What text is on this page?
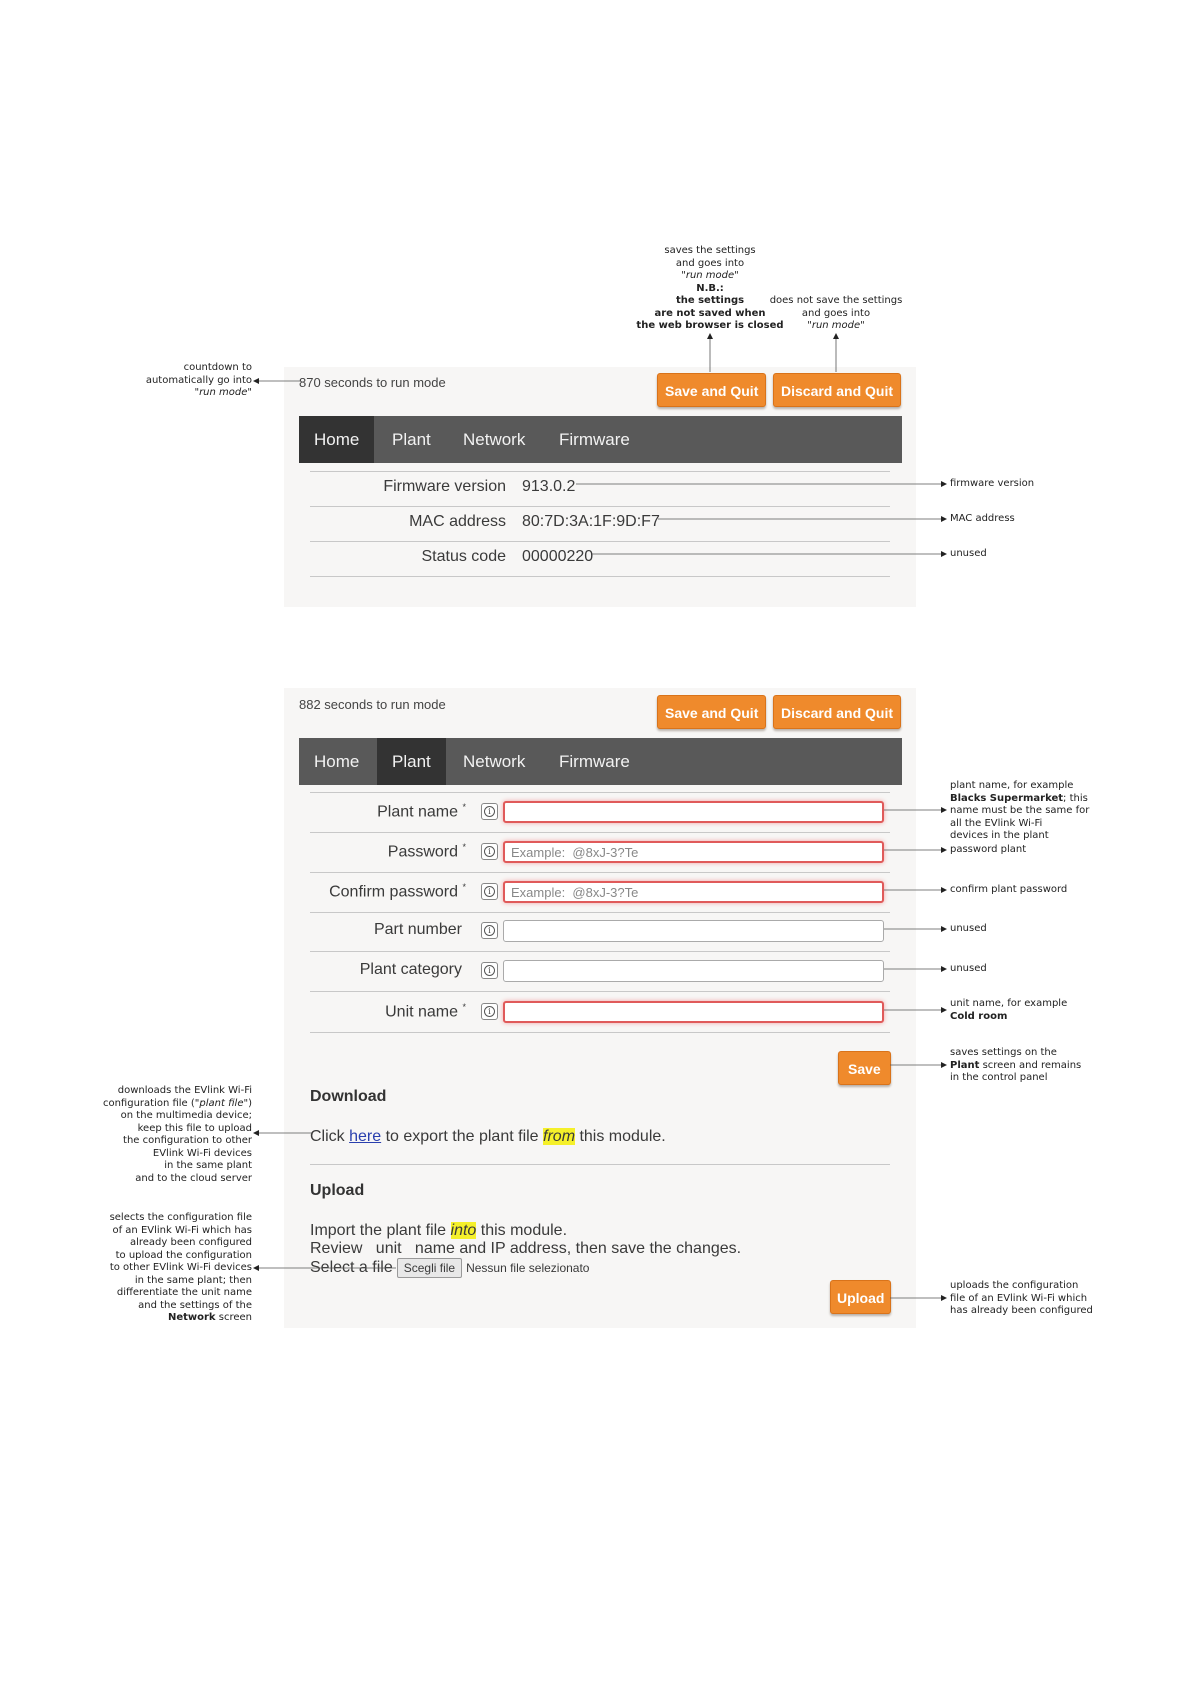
870 seconds to run mode
Save and Quit	Discard and Quit
Home	Plant	Network	Firmware
Firmware version 913.0.2
MAC address 80:7D:3A:1F:9D:F7
Status code 00000220
882 seconds to run mode
Save and Quit	Discard and Quit
Home	Plant	Network	Firmware
Plant name *	i
Password *	i
Example: @8xJ-3?Te
Confirm password *	i
Example: @8xJ-3?Te
Part number	i
Plant category	i
Unit name *	i
Save
Download
Click here to export the plant file from this module.
Upload
Import the plant file into this module.
Review   unit   name and IP address, then save the changes.
Select a file Scegli file Nessun file selezionato
Upload
saves the settings
and goes into
"run mode"
N.B.:
the settings
are not saved when
the web browser is closed
does not save the settings
and goes into
"run mode"
countdown to
automatically go into
"run mode"
firmware version
MAC address
unused
plant name, for example
Blacks Supermarket; this
name must be the same for
all the EVlink Wi-Fi
devices in the plant
password plant
confirm plant password
unused
unused
unit name, for example
Cold room
saves settings on the
Plant screen and remains
in the control panel
downloads the EVlink Wi-Fi
configuration file ("plant file")
on the multimedia device;
keep this file to upload
the configuration to other
EVlink Wi-Fi devices
in the same plant
and to the cloud server
selects the configuration file
of an EVlink Wi-Fi which has
already been configured
to upload the configuration
to other EVlink Wi-Fi devices
in the same plant; then
differentiate the unit name
and the settings of the
Network screen
uploads the configuration
file of an EVlink Wi-Fi which
has already been configured
